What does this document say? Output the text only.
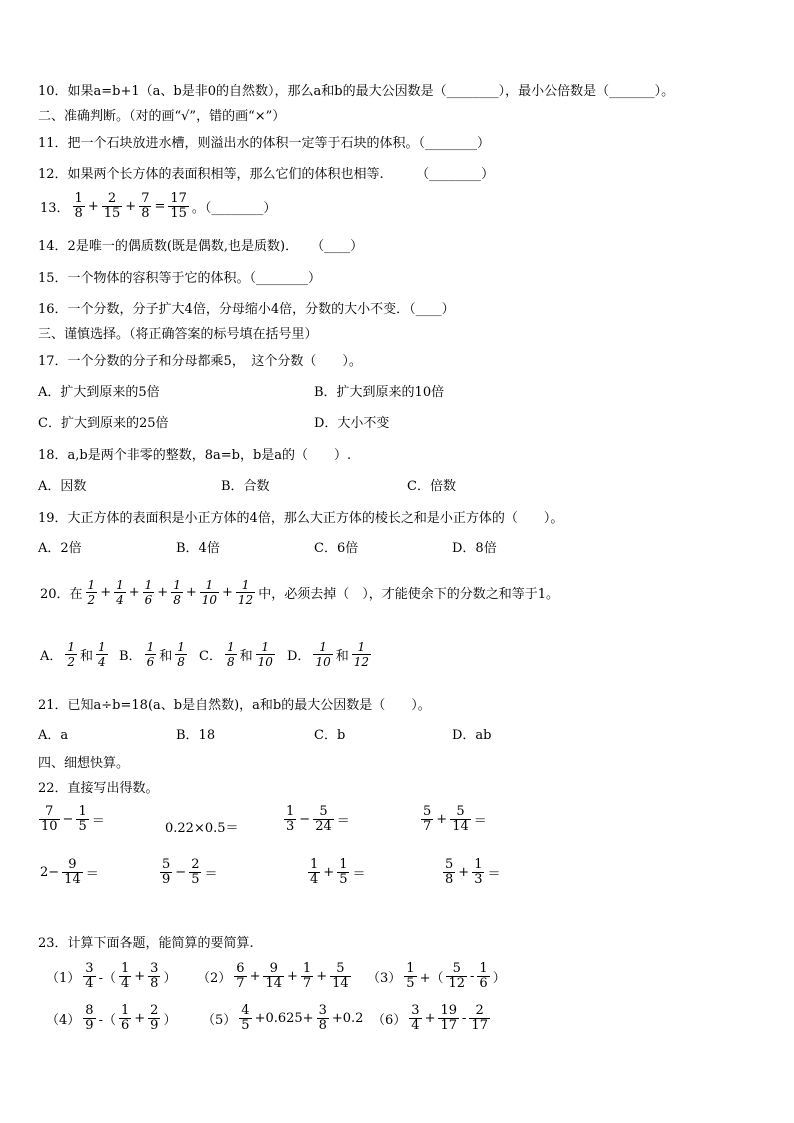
10．如果a=b+1（a、b是非0的自然数），那么a和b的最大公因数是（________），最小公倍数是（_______）。
二、准确判断。（对的画“√”，错的画“×”）
11．把一个石块放进水槽，则溢出水的体积一定等于石块的体积。（________）
12．如果两个长方体的表面积相等，那么它们的体积也相等.　　　（________）
13． $\frac{1}{8} + \frac{2}{15} + \frac{7}{8} = \frac{17}{15}$ 。（________）
14．2是唯一的偶质数(既是偶数,也是质数)．　　（____）
15．一个物体的容积等于它的体积。（________）
16．一个分数，分子扩大4倍，分母缩小4倍，分数的大小不变．（____）
三、谨慎选择。（将正确答案的标号填在括号里）
17．一个分数的分子和分母都乘5，　这个分数（　　）。
A．扩大到原来的5倍	B．扩大到原来的10倍
C．扩大到原来的25倍	D．大小不变
18．a,b是两个非零的整数，8a=b，b是a的（　　）.
A．因数	B．合数	C．倍数
19．大正方体的表面积是小正方体的4倍，那么大正方体的棱长之和是小正方体的（　　）。
A．2倍	B．4倍	C．6倍	D．8倍
20．在 $\frac{1}{2} + \frac{1}{4} + \frac{1}{6} + \frac{1}{8} + \frac{1}{10} + \frac{1}{12}$ 中，必须去掉（　），才能使余下的分数之和等于1。
A． $\frac{1}{2}$ 和 $\frac{1}{4}$ B． $\frac{1}{6}$ 和 $\frac{1}{8}$ C． $\frac{1}{8}$ 和 $\frac{1}{10}$ D． $\frac{1}{10}$ 和 $\frac{1}{12}$
21．已知a÷b=18(a、b是自然数)，a和b的最大公因数是（　　）。
A．a	B．18	C．b	D．ab
四、细想快算。
22．直接写出得数。
$\frac{7}{10} - \frac{1}{5}$ ＝	0.22×0.5＝	$\frac{1}{3} - \frac{5}{24}$ ＝	$\frac{5}{7} + \frac{5}{14}$ ＝
$2- \frac{9}{14}$ ＝	$\frac{5}{9} - \frac{2}{5}$ ＝	$\frac{1}{4} + \frac{1}{5}$ ＝	$\frac{5}{8} + \frac{1}{3}$ ＝
23．计算下面各题，能简算的要简算.
$(1) \frac{3}{4}$ -（ $\frac{1}{4} + \frac{3}{8}$ ） $(2) \frac{6}{7} + \frac{9}{14} + \frac{1}{7} + \frac{5}{14} (3) \frac{1}{5}$ +（ $\frac{5}{12} - \frac{1}{6}$ ）
$(4) \frac{8}{9}$ -（ $\frac{1}{6} + \frac{2}{9}$ ） $(5) \frac{4}{5} +0.625+ \frac{3}{8} +0.2$ $(6) \frac{3}{4} + \frac{19}{17} - \frac{2}{17}$
